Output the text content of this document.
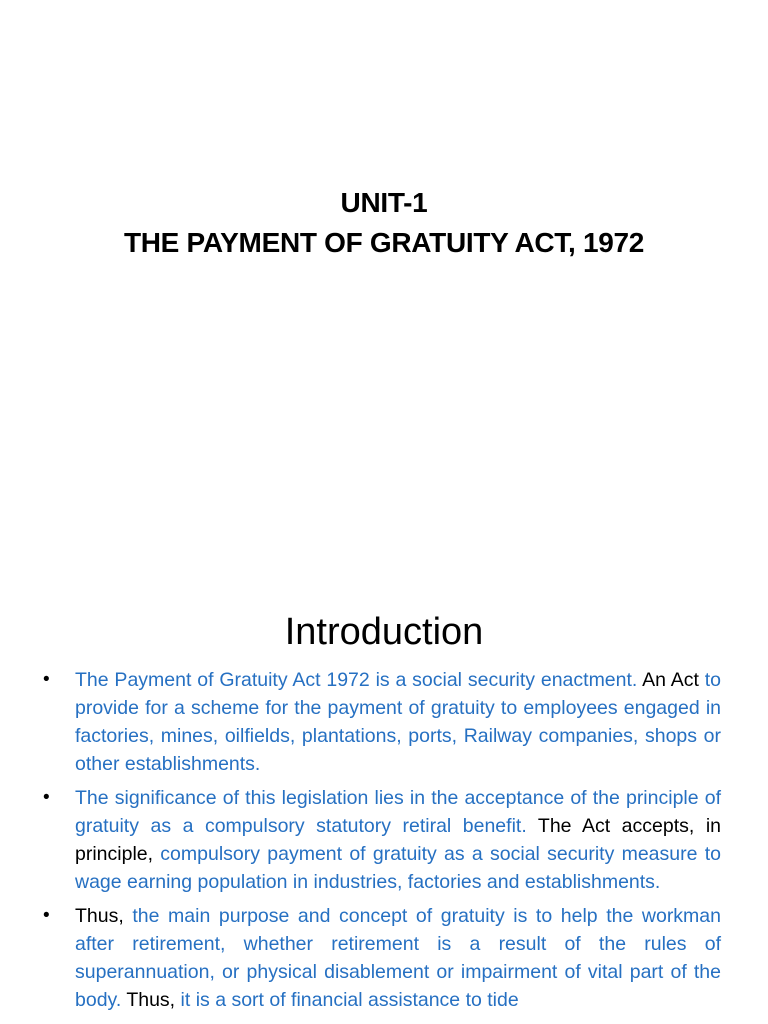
UNIT-1
THE PAYMENT OF GRATUITY ACT, 1972
Introduction
• The Payment of Gratuity Act 1972 is a social security enactment. An Act to provide for a scheme for the payment of gratuity to employees engaged in factories, mines, oilfields, plantations, ports, Railway companies, shops or other establishments.
• The significance of this legislation lies in the acceptance of the principle of gratuity as a compulsory statutory retiral benefit. The Act accepts, in principle, compulsory payment of gratuity as a social security measure to wage earning population in industries, factories and establishments.
• Thus, the main purpose and concept of gratuity is to help the workman after retirement, whether retirement is a result of the rules of superannuation, or physical disablement or impairment of vital part of the body. Thus, it is a sort of financial assistance to tide
